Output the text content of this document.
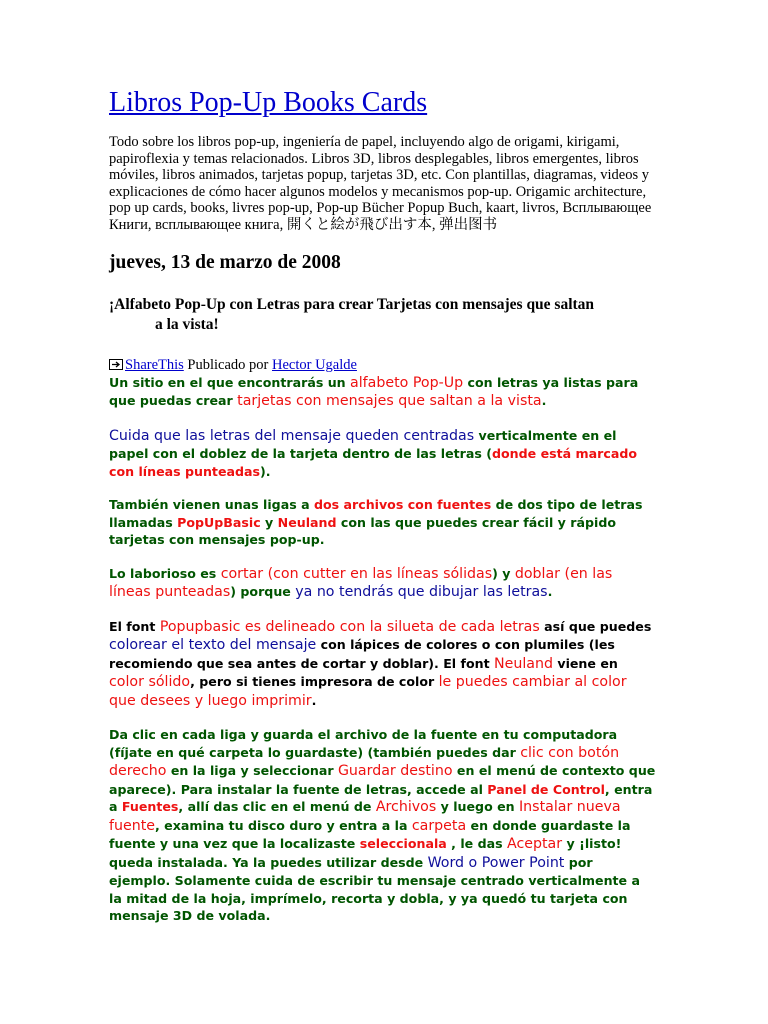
Libros Pop-Up Books Cards

Todo sobre los libros pop-up, ingeniería de papel, incluyendo algo de origami, kirigami, papiroflexia y temas relacionados. Libros 3D, libros desplegables, libros emergentes, libros móviles, libros animados, tarjetas popup, tarjetas 3D, etc. Con plantillas, diagramas, videos y explicaciones de cómo hacer algunos modelos y mecanismos pop-up. Origamic architecture, pop up cards, books, livres pop-up, Pop-up Bücher Popup Buch, kaart, livros, Всплывающее Книги, всплывающее книга, 開くと絵が飛び出す本, 弹出图书

jueves, 13 de marzo de 2008
¡Alfabeto Pop-Up con Letras para crear Tarjetas con mensajes que saltan
a la vista!
ShareThis Publicado por Hector Ugalde

Un sitio en el que encontrarás un alfabeto Pop-Up con letras ya listas para que puedas crear tarjetas con mensajes que saltan a la vista.

Cuida que las letras del mensaje queden centradas verticalmente en el papel con el doblez de la tarjeta dentro de las letras (donde está marcado con líneas punteadas).

También vienen unas ligas a dos archivos con fuentes de dos tipo de letras llamadas PopUpBasic y Neuland con las que puedes crear fácil y rápido tarjetas con mensajes pop-up.

Lo laborioso es cortar (con cutter en las líneas sólidas) y doblar (en las líneas punteadas) porque ya no tendrás que dibujar las letras.

El font Popupbasic es delineado con la silueta de cada letras así que puedes colorear el texto del mensaje con lápices de colores o con plumiles (les recomiendo que sea antes de cortar y doblar). El font Neuland viene en color sólido, pero si tienes impresora de color le puedes cambiar al color que desees y luego imprimir.

Da clic en cada liga y guarda el archivo de la fuente en tu computadora (fíjate en qué carpeta lo guardaste) (también puedes dar clic con botón derecho en la liga y seleccionar Guardar destino en el menú de contexto que aparece). Para instalar la fuente de letras, accede al Panel de Control, entra a Fuentes, allí das clic en el menú de Archivos y luego en Instalar nueva fuente, examina tu disco duro y entra a la carpeta en donde guardaste la fuente y una vez que la localizaste seleccionala , le das Aceptar y ¡listo! queda instalada. Ya la puedes utilizar desde Word o Power Point por ejemplo. Solamente cuida de escribir tu mensaje centrado verticalmente a la mitad de la hoja, imprímelo, recorta y dobla, y ya quedó tu tarjeta con mensaje 3D de volada.
